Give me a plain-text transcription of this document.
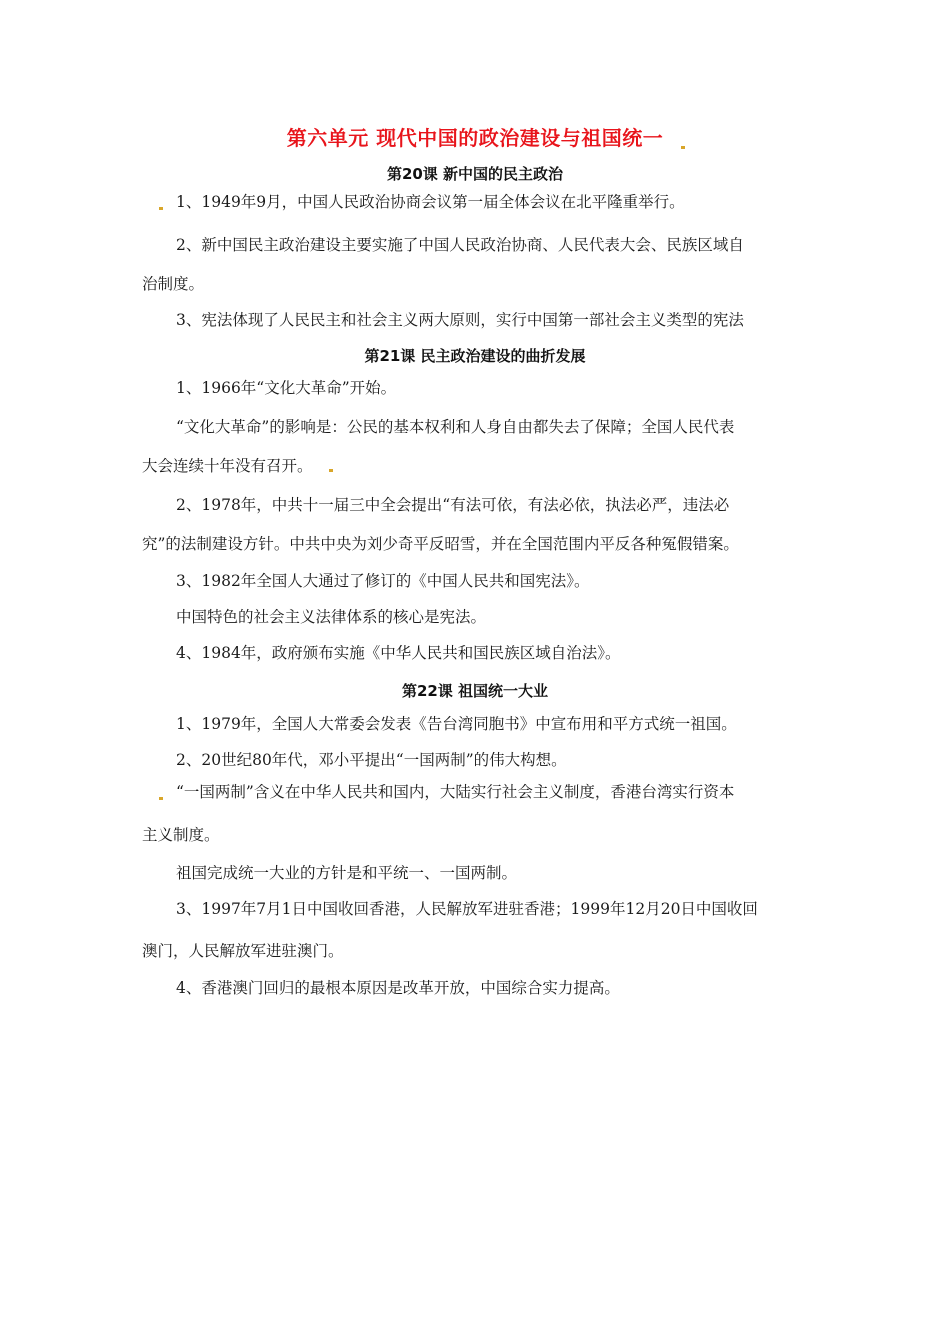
第六单元 现代中国的政治建设与祖国统一
第20课 新中国的民主政治
1、1949年9月，中国人民政治协商会议第一届全体会议在北平隆重举行。
2、新中国民主政治建设主要实施了中国人民政治协商、人民代表大会、民族区域自
治制度。
3、宪法体现了人民民主和社会主义两大原则，实行中国第一部社会主义类型的宪法
第21课 民主政治建设的曲折发展
1、1966年“文化大革命”开始。
“文化大革命”的影响是：公民的基本权利和人身自由都失去了保障；全国人民代表
大会连续十年没有召开。
2、1978年，中共十一届三中全会提出“有法可依，有法必依，执法必严，违法必
究”的法制建设方针。中共中央为刘少奇平反昭雪，并在全国范围内平反各种冤假错案。
3、1982年全国人大通过了修订的《中国人民共和国宪法》。
中国特色的社会主义法律体系的核心是宪法。
4、1984年，政府颁布实施《中华人民共和国民族区域自治法》。
第22课 祖国统一大业
1、1979年，全国人大常委会发表《告台湾同胞书》中宣布用和平方式统一祖国。
2、20世纪80年代，邓小平提出“一国两制”的伟大构想。
“一国两制”含义在中华人民共和国内，大陆实行社会主义制度，香港台湾实行资本
主义制度。
祖国完成统一大业的方针是和平统一、一国两制。
3、1997年7月1日中国收回香港，人民解放军进驻香港；1999年12月20日中国收回
澳门，人民解放军进驻澳门。
4、香港澳门回归的最根本原因是改革开放，中国综合实力提高。
